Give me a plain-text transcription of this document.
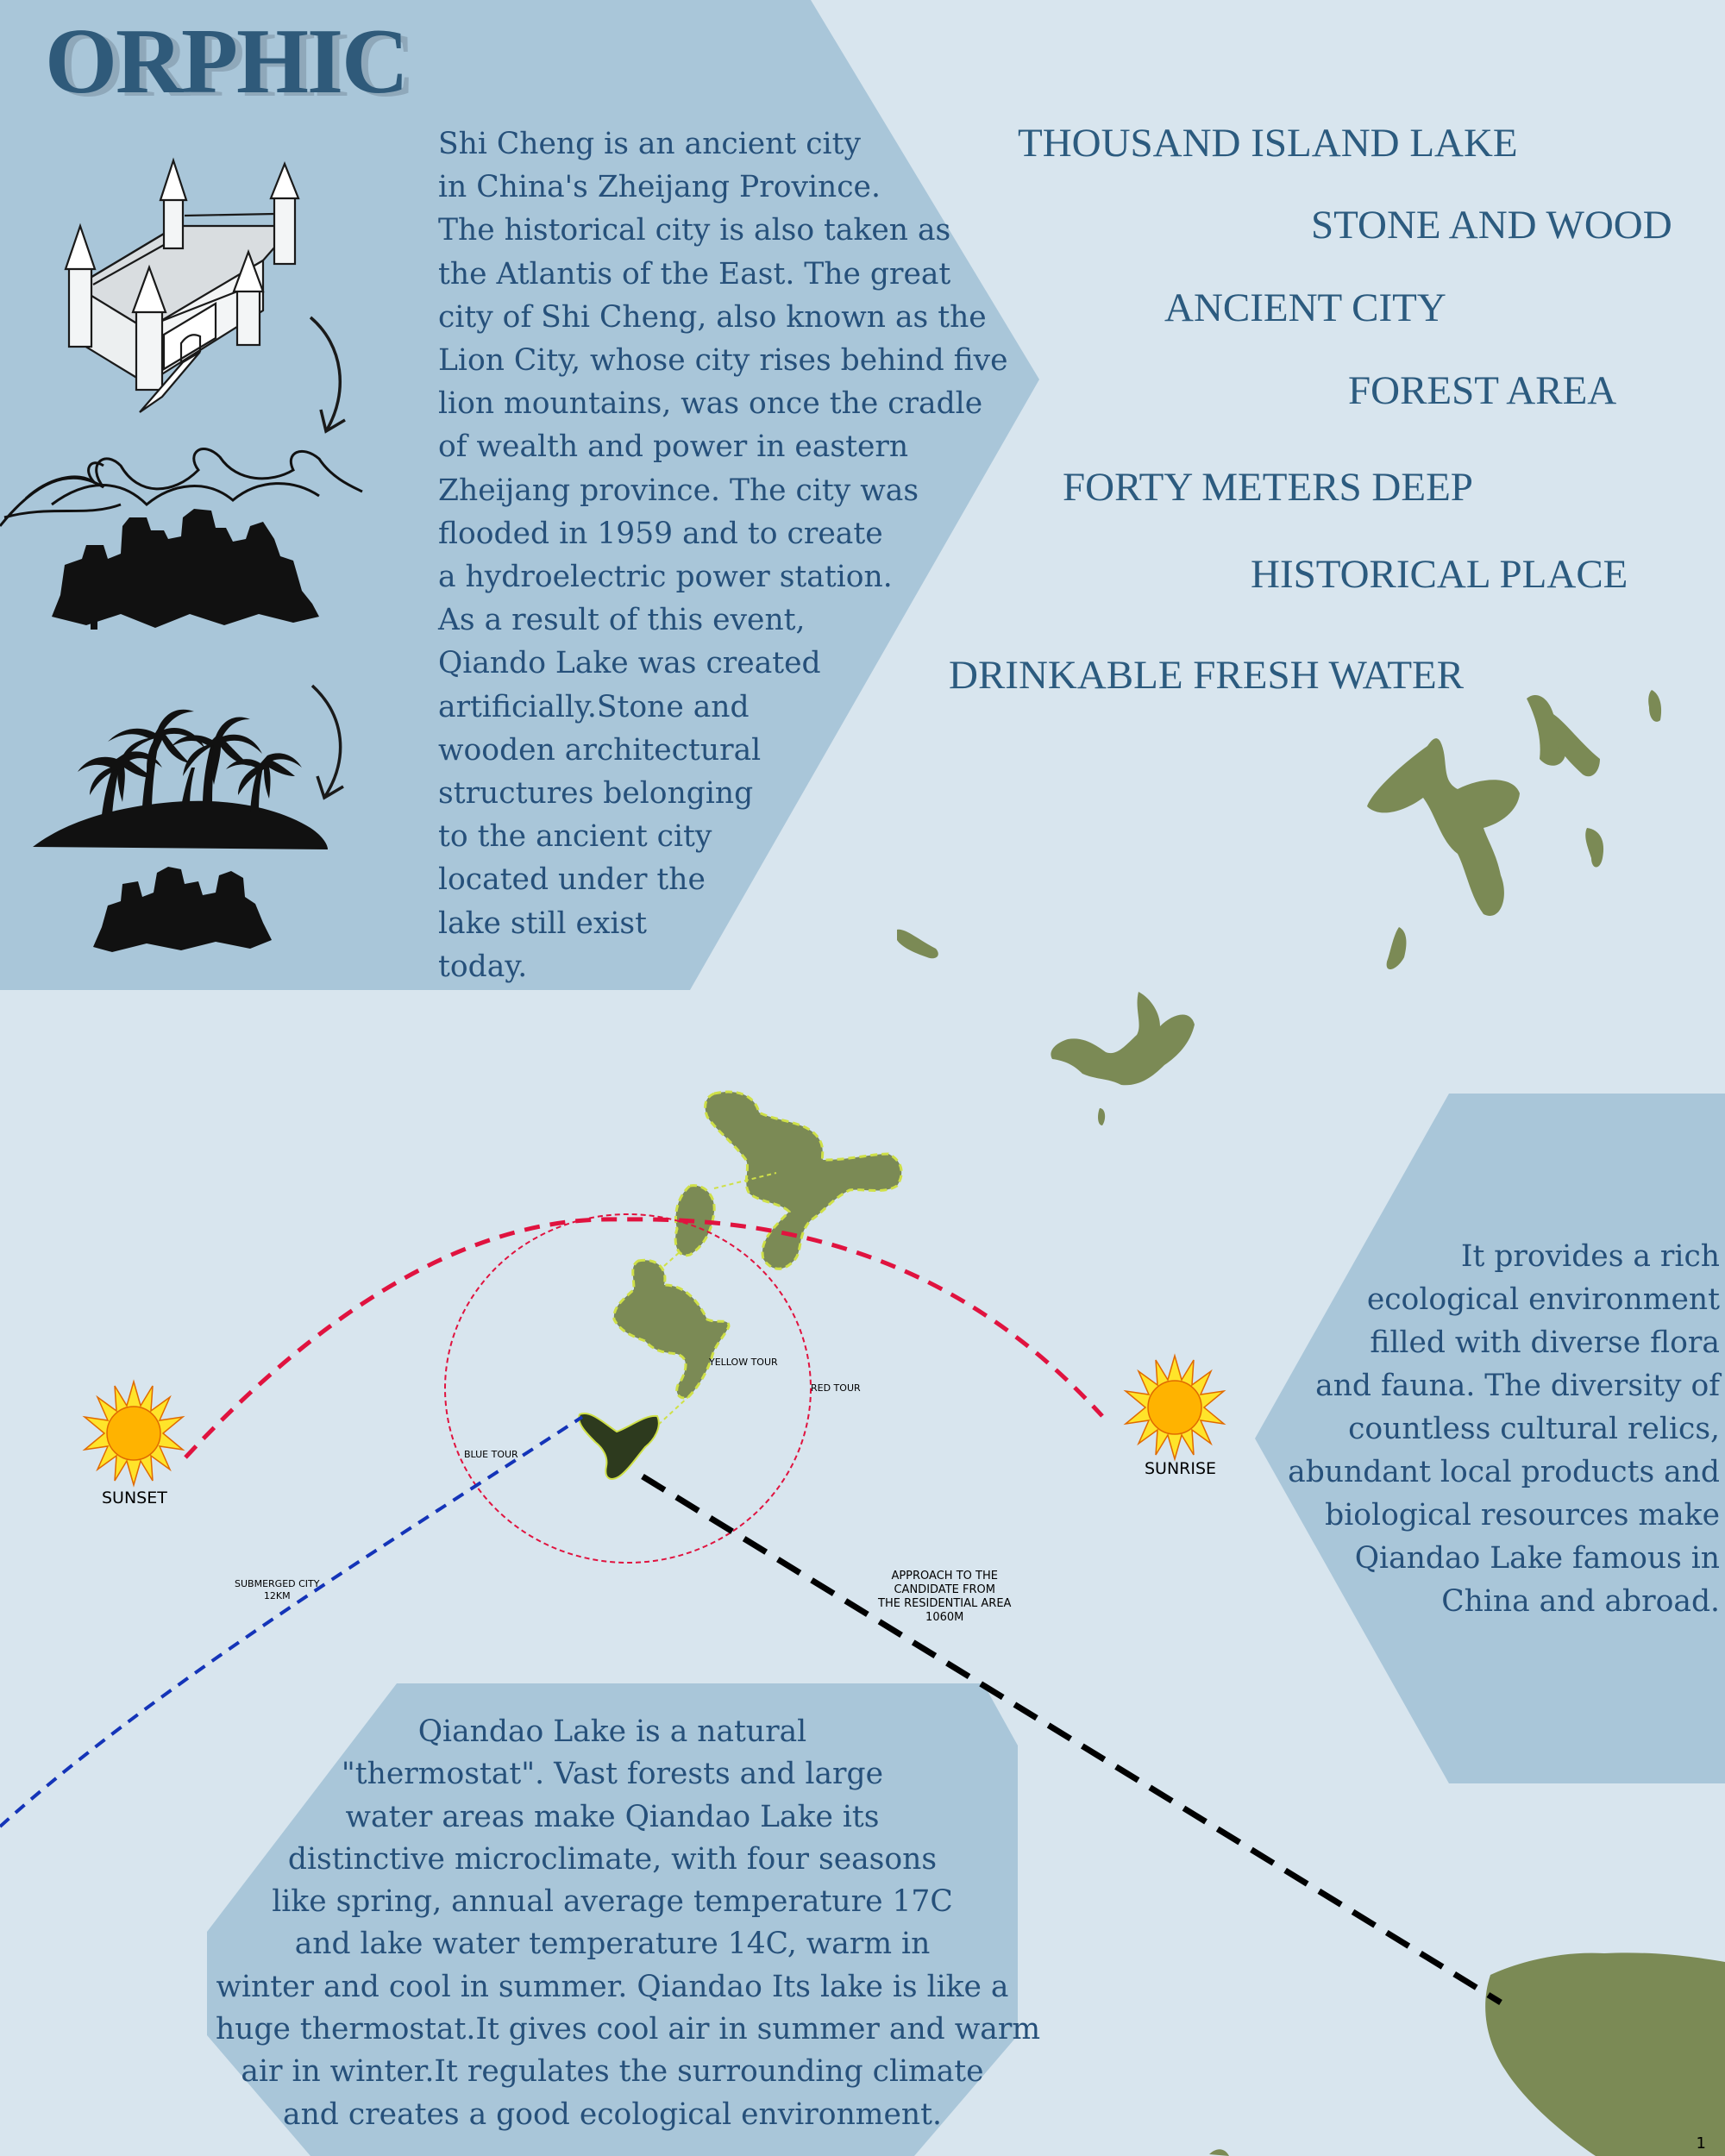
ORPHIC

Shi Cheng is an ancient city
in China's Zheijang Province.
The historical city is also taken as
the Atlantis of the East. The great
city of Shi Cheng, also known as the
Lion City, whose city rises behind five
lion mountains, was once the cradle
of wealth and power in eastern
Zheijang province. The city was
flooded in 1959 and to create
a hydroelectric power station.
As a result of this event,
Qiando Lake was created
artificially.Stone and
wooden architectural
structures belonging
to the ancient city
located under the
lake still exist
today.

THOUSAND ISLAND LAKE
STONE AND WOOD
ANCIENT CITY
FOREST AREA
FORTY METERS DEEP
HISTORICAL PLACE
DRINKABLE FRESH WATER

It provides a rich
ecological environment
filled with diverse flora
and fauna. The diversity of
countless cultural relics,
abundant local products and
biological resources make
Qiandao Lake famous in
China and abroad.

Qiandao Lake is a natural
"thermostat". Vast forests and large
water areas make Qiandao Lake its
distinctive microclimate, with four seasons
like spring, annual average temperature 17C
and lake water temperature 14C, warm in
winter and cool in summer. Qiandao Its lake is like a
huge thermostat.It gives cool air in summer and warm
air in winter.It regulates the surrounding climate
and creates a good ecological environment.

SUNSET
SUNRISE
YELLOW TOUR
RED TOUR
BLUE TOUR
SUBMERGED CITY
12KM
APPROACH TO THE
CANDIDATE FROM
THE RESIDENTIAL AREA
1060M
1
